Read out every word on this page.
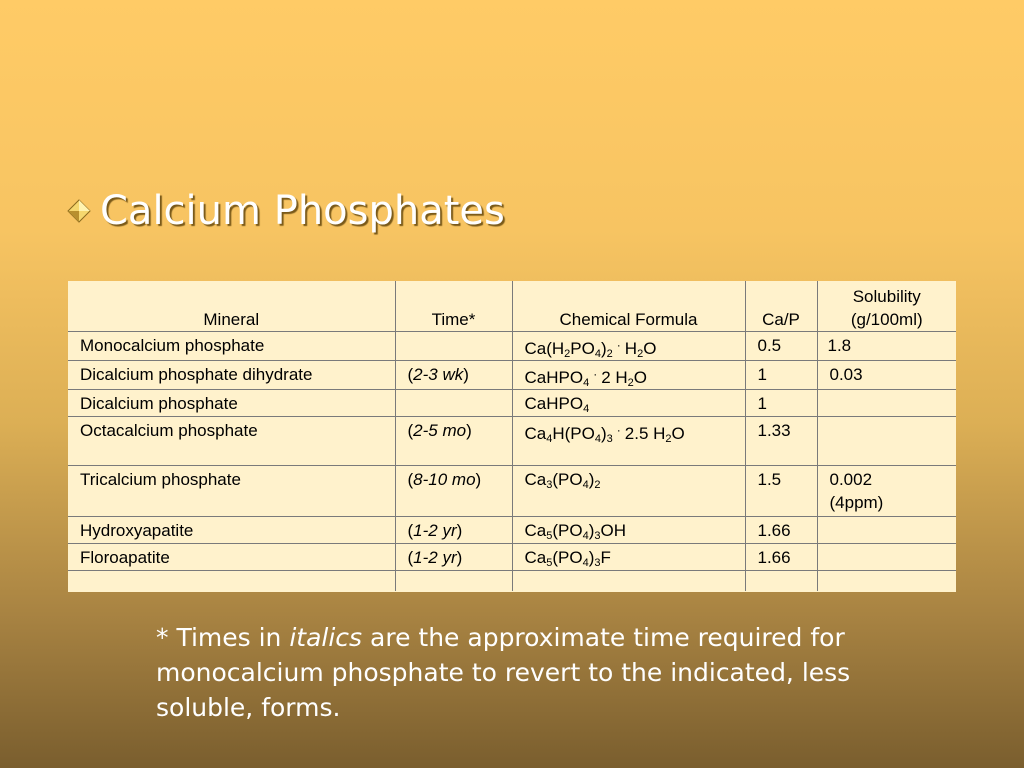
Calcium Phosphates
Mineral	Time*	Chemical Formula	Ca/P	Solubility
(g/100ml)

Monocalcium phosphate		$Ca(H_2PO_4)_2^\cdot$ $H_2O$	0.5	1.8
Dicalcium phosphate dihydrate	(2-3 wk)	CaHPO$_4$· 2 $H_2O$	1	0.03
Dicalcium phosphate		CaHPO$_4$	1	
Octacalcium phosphate	(2-5 mo)	$Ca_4H(PO_4)_3^\cdot$ 2.5 $H_2O$	1.33	
Tricalcium phosphate	(8-10 mo)	$Ca_3(PO_4)_2$	1.5	0.002
(4ppm)

Hydroxyapatite	(1-2 yr)	$Ca_5(PO_4)_3OH$	1.66	
Floroapatite	(1-2 yr)	$Ca_5(PO_4)_3F$	1.66	

* Times in italics are the approximate time required for monocalcium phosphate to revert to the indicated, less soluble, forms.
